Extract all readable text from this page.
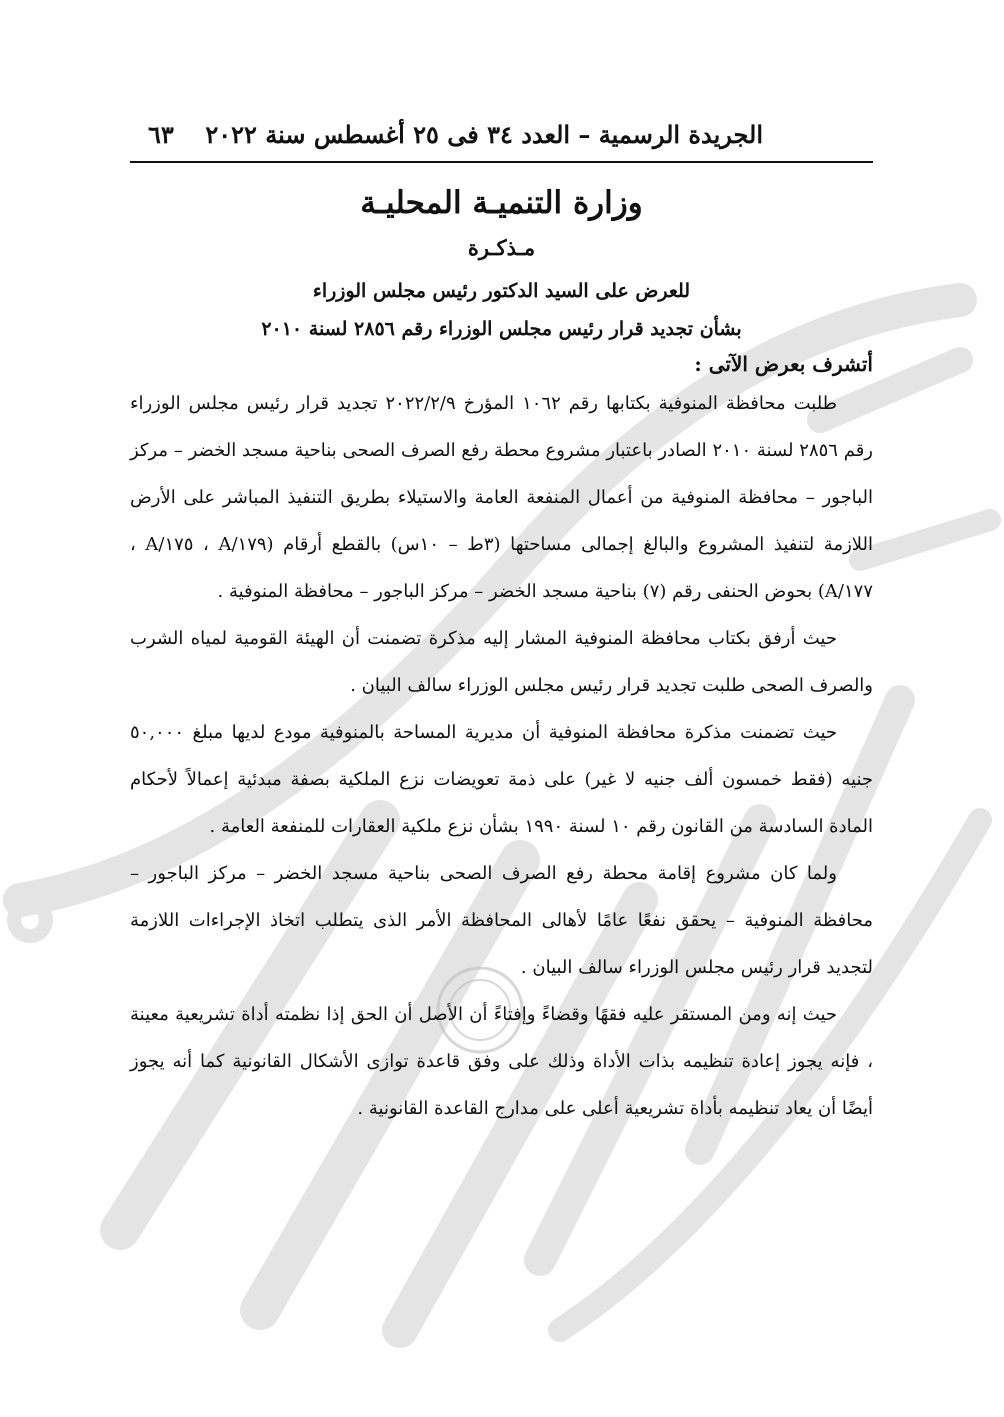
الجريدة الرسمية – العدد ٣٤ فى ٢٥ أغسطس سنة ٢٠٢٢
٦٣
وزارة التنميـة المحليـة
مـذكـرة
للعرض على السيد الدكتور رئيس مجلس الوزراء
بشأن تجديد قرار رئيس مجلس الوزراء رقم ٢٨٥٦ لسنة ٢٠١٠
أتشرف بعرض الآتى :

طلبت محافظة المنوفية بكتابها رقم ١٠٦٢ المؤرخ ٢٠٢٢/٢/٩ تجديد قرار رئيس مجلس الوزراء رقم ٢٨٥٦ لسنة ٢٠١٠ الصادر باعتبار مشروع محطة رفع الصرف الصحى بناحية مسجد الخضر – مركز الباجور – محافظة المنوفية من أعمال المنفعة العامة والاستيلاء بطريق التنفيذ المباشر على الأرض اللازمة لتنفيذ المشروع والبالغ إجمالى مساحتها (٣ط – ١٠س) بالقطع أرقام (١٧٩/A ، ١٧٥/A ، ١٧٧/A) بحوض الحنفى رقم (٧) بناحية مسجد الخضر – مركز الباجور – محافظة المنوفية .

حيث أرفق بكتاب محافظة المنوفية المشار إليه مذكرة تضمنت أن الهيئة القومية لمياه الشرب والصرف الصحى طلبت تجديد قرار رئيس مجلس الوزراء سالف البيان .

حيث تضمنت مذكرة محافظة المنوفية أن مديرية المساحة بالمنوفية مودع لديها مبلغ ٥٠,٠٠٠ جنيه (فقط خمسون ألف جنيه لا غير) على ذمة تعويضات نزع الملكية بصفة مبدئية إعمالاً لأحكام المادة السادسة من القانون رقم ١٠ لسنة ١٩٩٠ بشأن نزع ملكية العقارات للمنفعة العامة .

ولما كان مشروع إقامة محطة رفع الصرف الصحى بناحية مسجد الخضر – مركز الباجور – محافظة المنوفية – يحقق نفعًا عامًا لأهالى المحافظة الأمر الذى يتطلب اتخاذ الإجراءات اللازمة لتجديد قرار رئيس مجلس الوزراء سالف البيان .

حيث إنه ومن المستقر عليه فقهًا وقضاءً وإفتاءً أن الأصل أن الحق إذا نظمته أداة تشريعية معينة ، فإنه يجوز إعادة تنظيمه بذات الأداة وذلك على وفق قاعدة توازى الأشكال القانونية كما أنه يجوز أيضًا أن يعاد تنظيمه بأداة تشريعية أعلى على مدارج القاعدة القانونية .
